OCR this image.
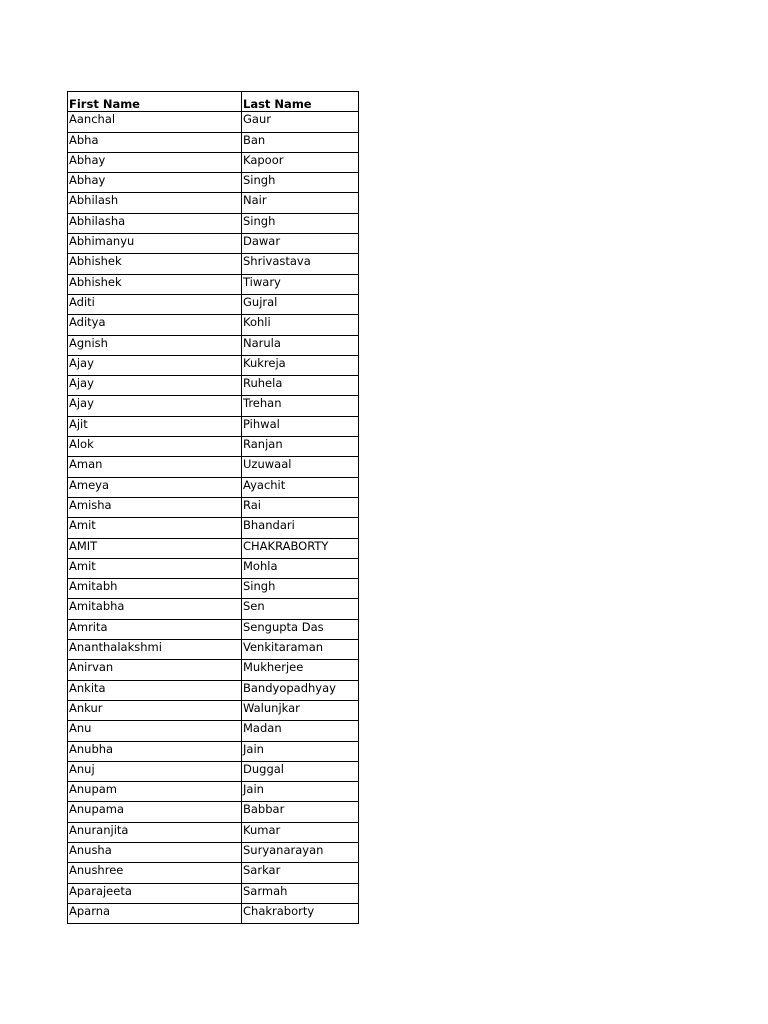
First Name	Last Name
Aanchal	Gaur
Abha	Ban
Abhay	Kapoor
Abhay	Singh
Abhilash	Nair
Abhilasha	Singh
Abhimanyu	Dawar
Abhishek	Shrivastava
Abhishek	Tiwary
Aditi	Gujral
Aditya	Kohli
Agnish	Narula
Ajay	Kukreja
Ajay	Ruhela
Ajay	Trehan
Ajit	Pihwal
Alok	Ranjan
Aman	Uzuwaal
Ameya	Ayachit
Amisha	Rai
Amit	Bhandari
AMIT	CHAKRABORTY
Amit	Mohla
Amitabh	Singh
Amitabha	Sen
Amrita	Sengupta Das
Ananthalakshmi	Venkitaraman
Anirvan	Mukherjee
Ankita	Bandyopadhyay
Ankur	Walunjkar
Anu	Madan
Anubha	Jain
Anuj	Duggal
Anupam	Jain
Anupama	Babbar
Anuranjita	Kumar
Anusha	Suryanarayan
Anushree	Sarkar
Aparajeeta	Sarmah
Aparna	Chakraborty
